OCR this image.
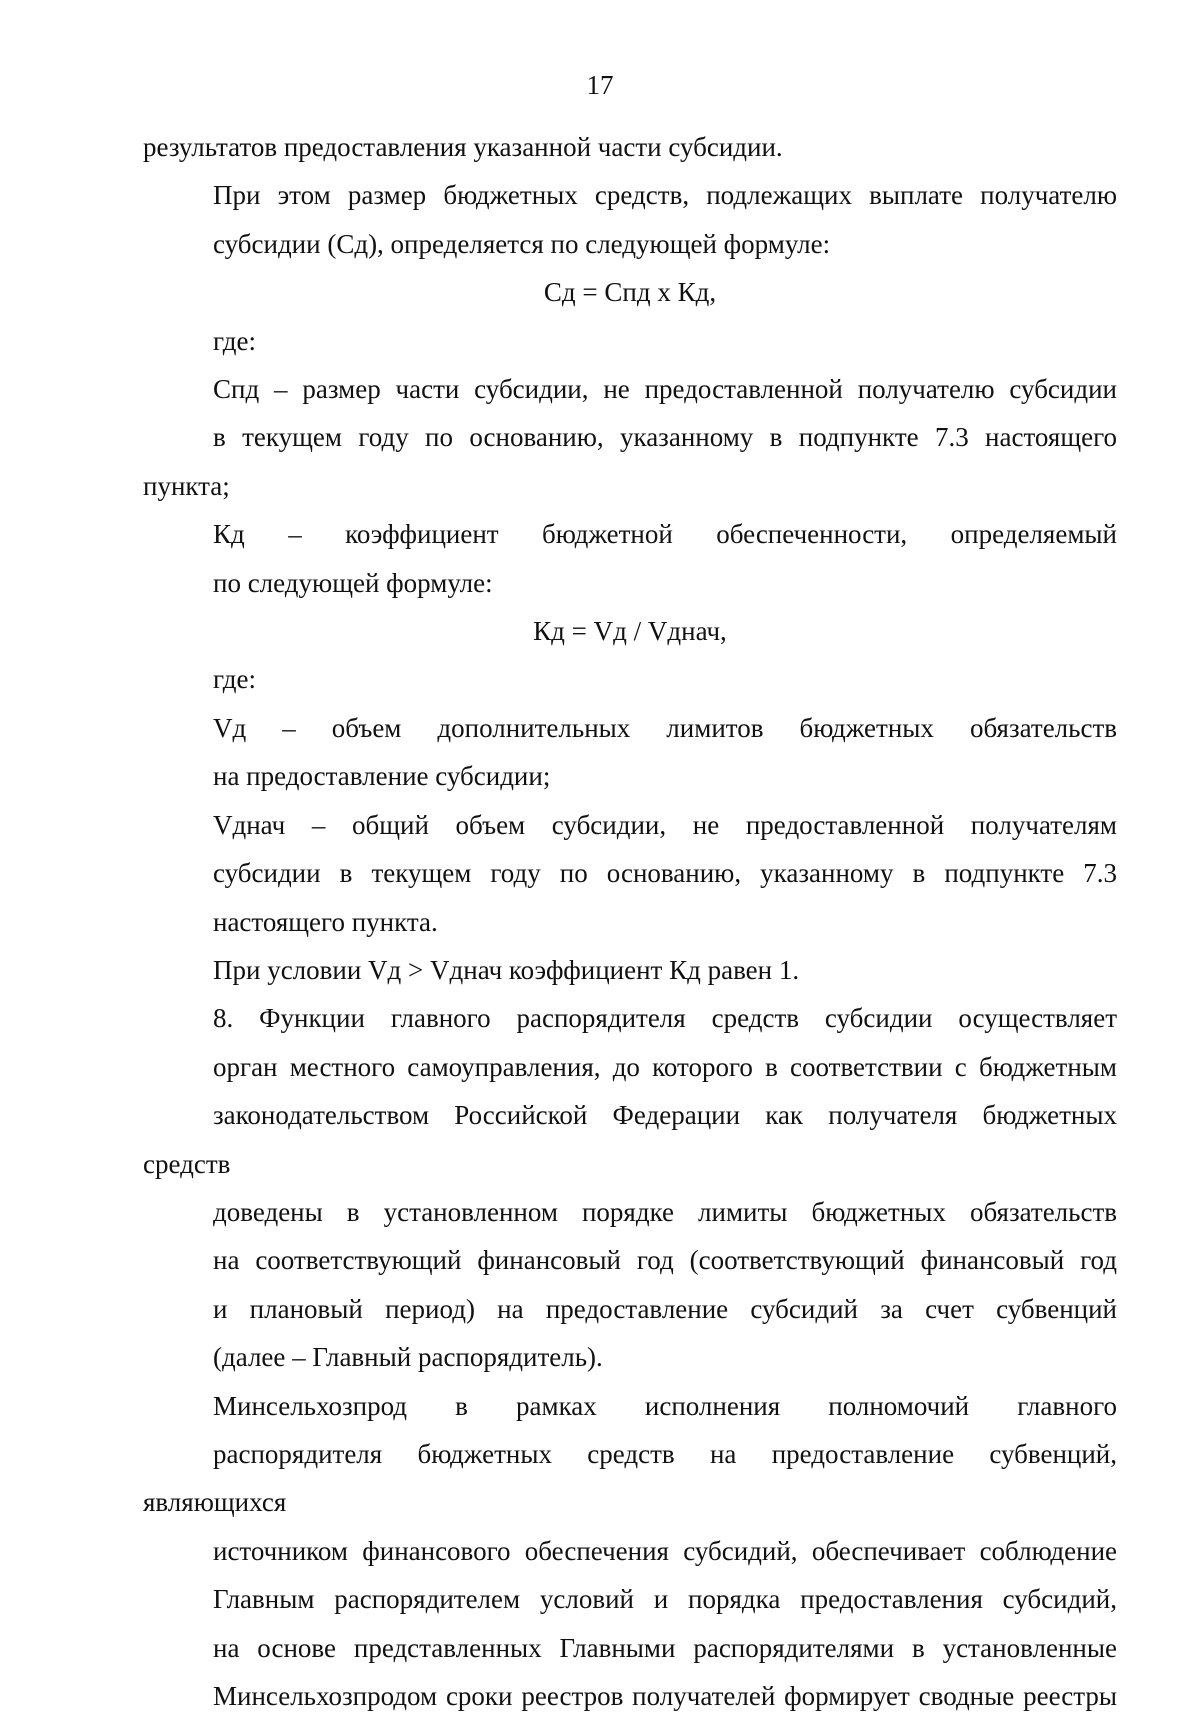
17

результатов предоставления указанной части субсидии.

При этом размер бюджетных средств, подлежащих выплате получателю
субсидии (Сд), определяется по следующей формуле:

Сд = Спд х Кд,

где:

Спд – размер части субсидии, не предоставленной получателю субсидии
в текущем году по основанию, указанному в подпункте 7.3 настоящего пункта;

Кд – коэффициент бюджетной обеспеченности, определяемый
по следующей формуле:

Кд = Vд / Vднач,

где:

Vд – объем дополнительных лимитов бюджетных обязательств
на предоставление субсидии;

Vднач – общий объем субсидии, не предоставленной получателям
субсидии в текущем году по основанию, указанному в подпункте 7.3
настоящего пункта.

При условии Vд > Vднач коэффициент Кд равен 1.

8. Функции главного распорядителя средств субсидии осуществляет
орган местного самоуправления, до которого в соответствии с бюджетным
законодательством Российской Федерации как получателя бюджетных средств
доведены в установленном порядке лимиты бюджетных обязательств
на соответствующий финансовый год (соответствующий финансовый год
и плановый период) на предоставление субсидий за счет субвенций
(далее – Главный распорядитель).

Минсельхозпрод в рамках исполнения полномочий главного
распорядителя бюджетных средств на предоставление субвенций, являющихся
источником финансового обеспечения субсидий, обеспечивает соблюдение
Главным распорядителем условий и порядка предоставления субсидий,
на основе представленных Главными распорядителями в установленные
Минсельхозпродом сроки реестров получателей формирует сводные реестры
